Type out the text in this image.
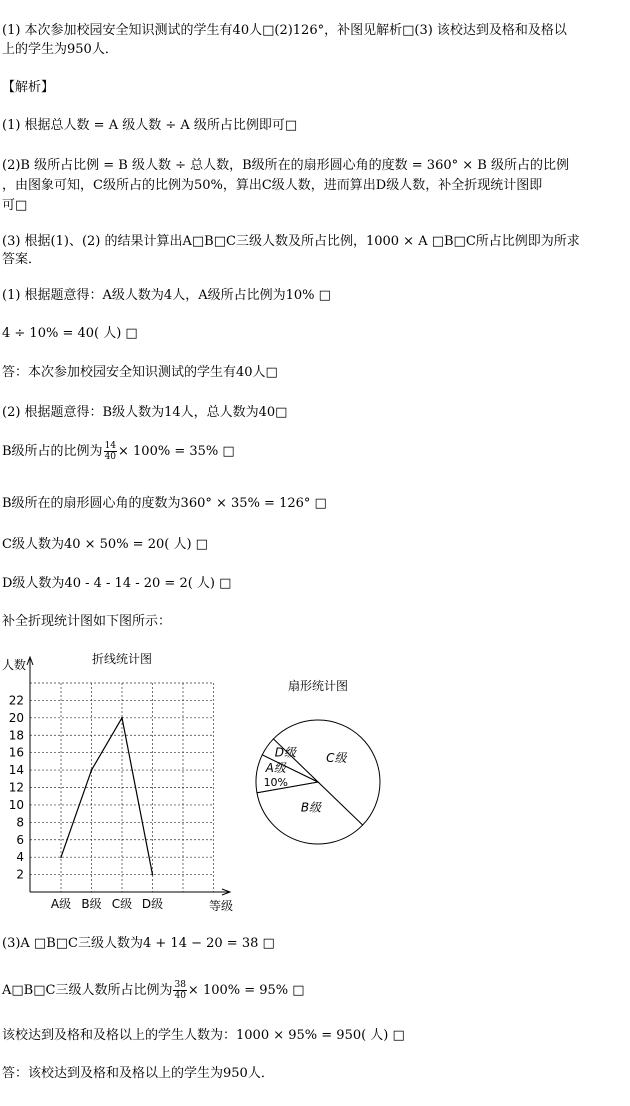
(1) 本次参加校园安全知识测试的学生有40人□(2)126°，补图见解析□(3) 该校达到及格和及格以
上的学生为950人．
【解析】
(1) 根据总人数 = A 级人数 ÷ A 级所占比例即可□
(2)B 级所占比例 = B 级人数 ÷ 总人数，B级所在的扇形圆心角的度数 = 360° × B 级所占的比例
，由图象可知，C级所占的比例为50%，算出C级人数，进而算出D级人数，补全折现统计图即
可□
(3) 根据(1)、(2) 的结果计算出A□B□C三级人数及所占比例，1000 × A □B□C所占比例即为所求
答案．
(1) 根据题意得：A级人数为4人，A级所占比例为10% □
4 ÷ 10% = 40( 人) □
答：本次参加校园安全知识测试的学生有40人□
(2) 根据题意得：B级人数为14人，总人数为40□
B级所占的比例为 $\frac{14}{40} \times 100\% = 35\%$ □
B级所在的扇形圆心角的度数为360° × 35% = 126° □
C级人数为40 × 50% = 20( 人) □
D级人数为40 - 4 - 14 - 20 = 2( 人) □
补全折现统计图如下图所示：
折线统计图
人数
等级
2
4
6
8
10
12
14
16
18
20
22
A级 B级 C级 D级
扇形统计图
C级
B级
A级
10%
D级
(3)A □B□C三级人数为4 + 14 − 20 = 38 □
A□B□C三级人数所占比例为 $\frac{38}{40} \times 100\% = 95\%$ □
该校达到及格和及格以上的学生人数为：1000 × 95% = 950( 人) □
答：该校达到及格和及格以上的学生为950人．
